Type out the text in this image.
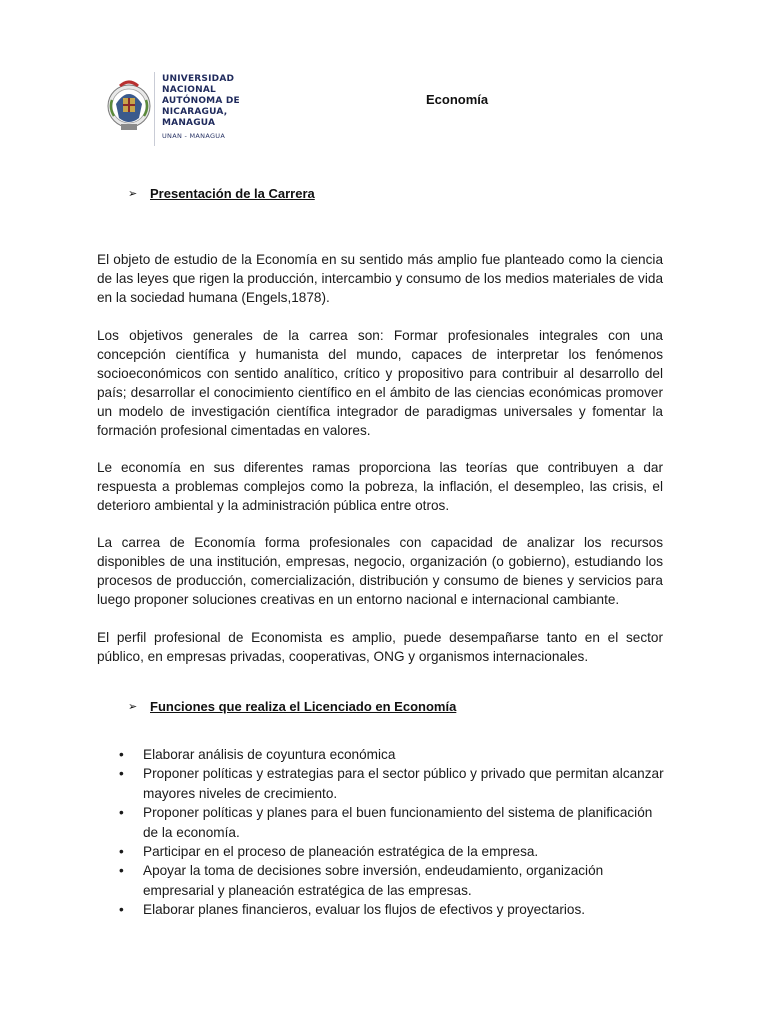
UNIVERSIDAD
NACIONAL
AUTÓNOMA DE
NICARAGUA,
MANAGUA
UNAN - MANAGUA
Economía
➢ Presentación de la Carrera

El objeto de estudio de la Economía en su sentido más amplio fue planteado como la ciencia de las leyes que rigen la producción, intercambio y consumo de los medios materiales de vida en la sociedad humana (Engels,1878).

Los objetivos generales de la carrea son: Formar profesionales integrales con una concepción científica y humanista del mundo, capaces de interpretar los fenómenos socioeconómicos con sentido analítico, crítico y propositivo para contribuir al desarrollo del país; desarrollar el conocimiento científico en el ámbito de las ciencias económicas promover un modelo de investigación científica integrador de paradigmas universales y fomentar la formación profesional cimentadas en valores.

Le economía en sus diferentes ramas proporciona las teorías que contribuyen a dar respuesta a problemas complejos como la pobreza, la inflación, el desempleo, las crisis, el deterioro ambiental y la administración pública entre otros.

La carrea de Economía forma profesionales con capacidad de analizar los recursos disponibles de una institución, empresas, negocio, organización (o gobierno), estudiando los procesos de producción, comercialización, distribución y consumo de bienes y servicios para luego proponer soluciones creativas en un entorno nacional e internacional cambiante.

El perfil profesional de Economista es amplio, puede desempañarse tanto en el sector público, en empresas privadas, cooperativas, ONG y organismos internacionales.

➢ Funciones que realiza el Licenciado en Economía
• Elaborar análisis de coyuntura económica
• Proponer políticas y estrategias para el sector público y privado que permitan alcanzar mayores niveles de crecimiento.
• Proponer políticas y planes para el buen funcionamiento del sistema de planificación de la economía.
• Participar en el proceso de planeación estratégica de la empresa.
• Apoyar la toma de decisiones sobre inversión, endeudamiento, organización empresarial y planeación estratégica de las empresas.
• Elaborar planes financieros, evaluar los flujos de efectivos y proyectarios.
